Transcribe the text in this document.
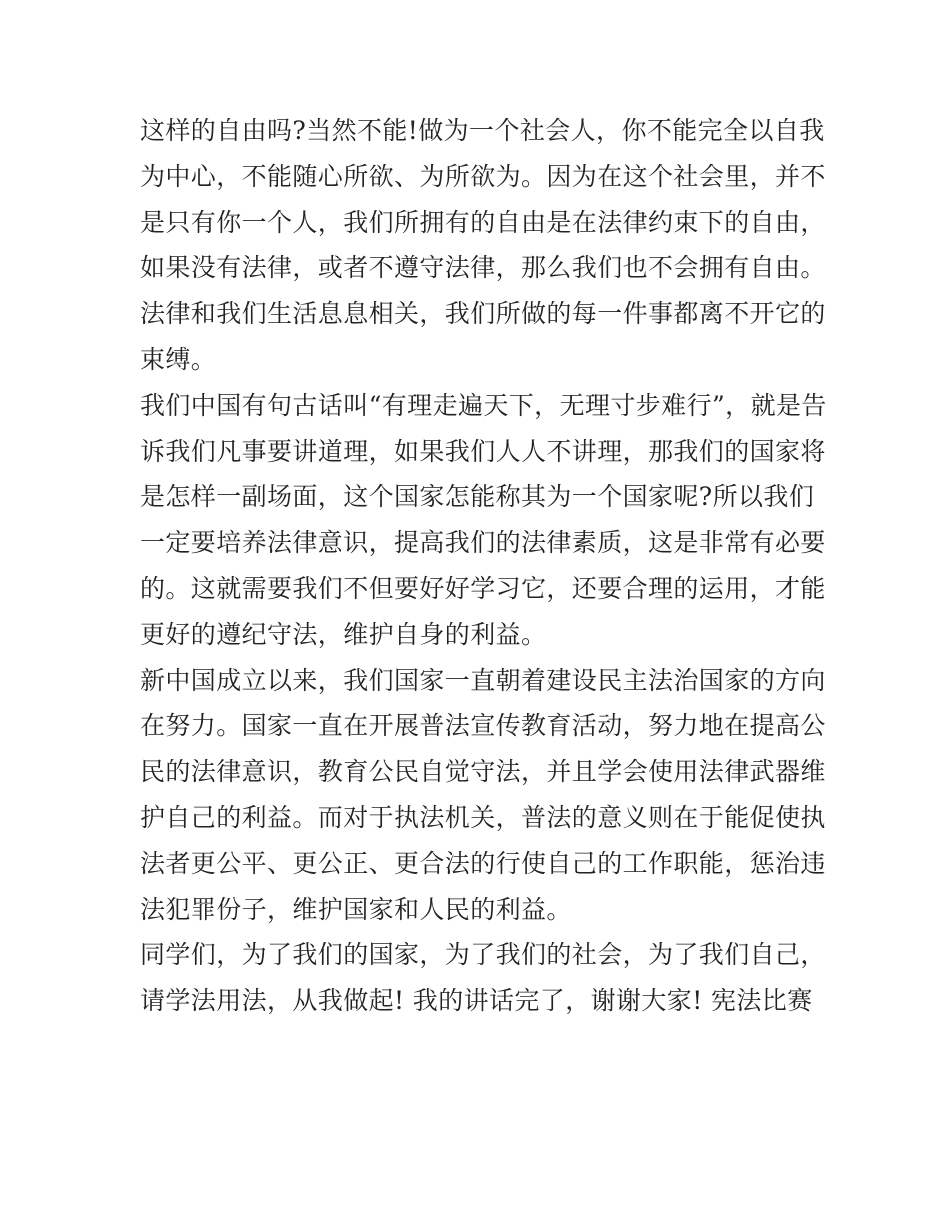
这样的自由吗?当然不能!做为一个社会人，你不能完全以自我
为中心，不能随心所欲、为所欲为。因为在这个社会里，并不
是只有你一个人，我们所拥有的自由是在法律约束下的自由，
如果没有法律，或者不遵守法律，那么我们也不会拥有自由。
法律和我们生活息息相关，我们所做的每一件事都离不开它的
束缚。
我们中国有句古话叫“有理走遍天下，无理寸步难行”，就是告
诉我们凡事要讲道理，如果我们人人不讲理，那我们的国家将
是怎样一副场面，这个国家怎能称其为一个国家呢?所以我们
一定要培养法律意识，提高我们的法律素质，这是非常有必要
的。这就需要我们不但要好好学习它，还要合理的运用，才能
更好的遵纪守法，维护自身的利益。
新中国成立以来，我们国家一直朝着建设民主法治国家的方向
在努力。国家一直在开展普法宣传教育活动，努力地在提高公
民的法律意识，教育公民自觉守法，并且学会使用法律武器维
护自己的利益。而对于执法机关，普法的意义则在于能促使执
法者更公平、更公正、更合法的行使自己的工作职能，惩治违
法犯罪份子，维护国家和人民的利益。
同学们，为了我们的国家，为了我们的社会，为了我们自己，
请学法用法，从我做起! 我的讲话完了，谢谢大家! 宪法比赛
